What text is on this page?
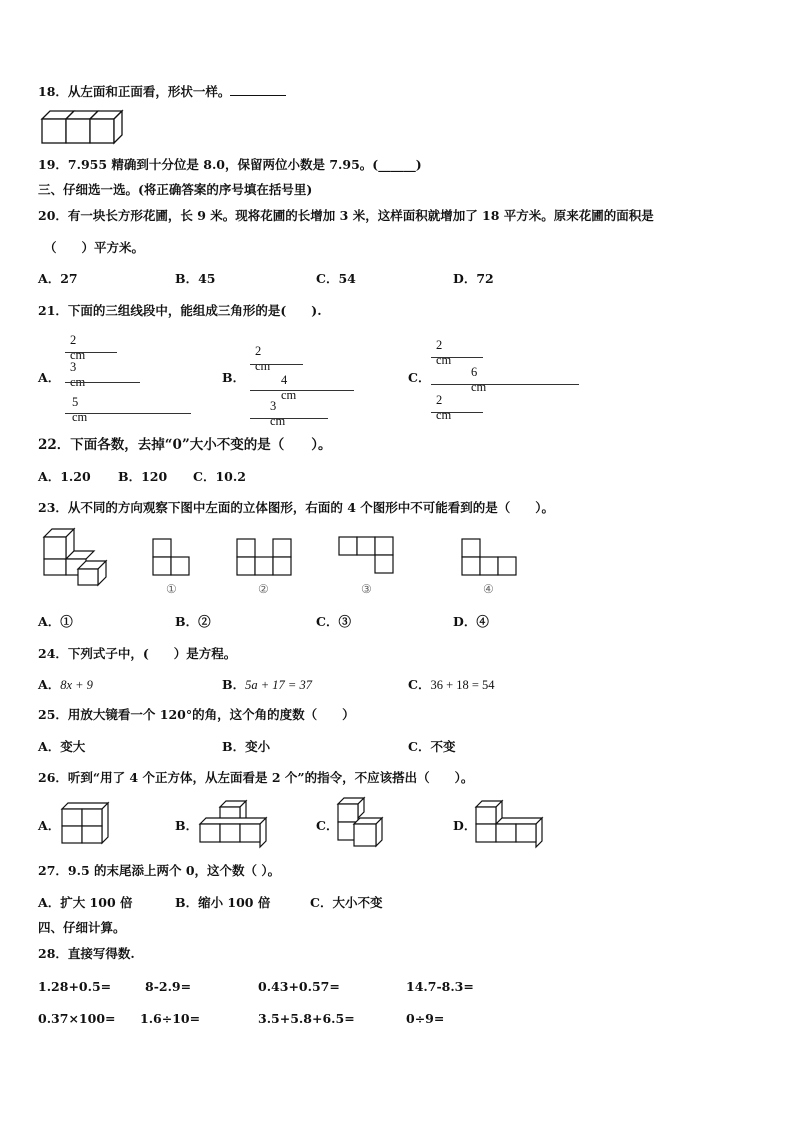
18．从左面和正面看，形状一样。
19．7.955 精确到十分位是 8.0，保留两位小数是 7.95。(______)
三、仔细选一选。(将正确答案的序号填在括号里)
20．有一块长方形花圃，长 9 米。现将花圃的长增加 3 米，这样面积就增加了 18 平方米。原来花圃的面积是
（　　）平方米。
A．27	B．45	C．54	D．72
21．下面的三组线段中，能组成三角形的是(　　).
A．
2 cm
3 cm
5 cm
B．
2 cm
4 cm
3 cm
C．
2 cm
6 cm
2 cm
22．下面各数，去掉“0”大小不变的是（　　）。
A．1.20 B．120 C．10.2
23．从不同的方向观察下图中左面的立体图形，右面的 4 个图形中不可能看到的是（　　）。
①	②	③	④
A．①	B．②	C．③	D．④
24．下列式子中，(　　）是方程。
A．8x + 9	B．5a + 17 = 37	C．36 + 18 = 54
25．用放大镜看一个 120°的角，这个角的度数（　　）
A．变大	B．变小	C．不变
26．听到“用了 4 个正方体，从左面看是 2 个”的指令，不应该搭出（　　）。
A．	B．	C．	D．
27．9.5 的末尾添上两个 0，这个数（ ）。
A．扩大 100 倍	B．缩小 100 倍	C．大小不变
四、仔细计算。
28．直接写得数.
1.28+0.5=	8-2.9=	0.43+0.57=	14.7-8.3=
0.37×100= 1.6÷10=	3.5+5.8+6.5=	0÷9=
